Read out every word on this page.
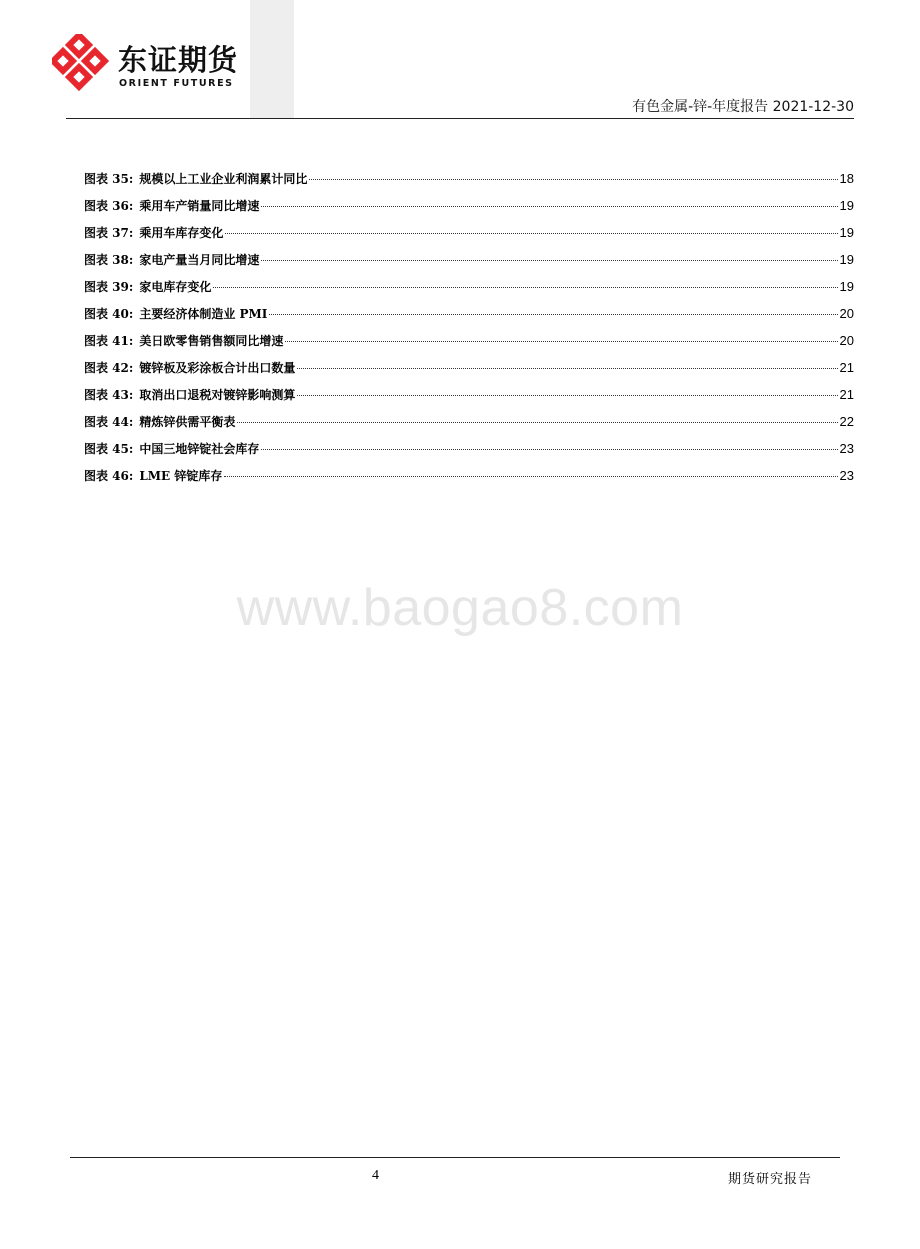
东证期货
ORIENT FUTURES
有色金属-锌-年度报告 2021-12-30
图表 35: 规模以上工业企业利润累计同比	18
图表 36: 乘用车产销量同比增速	19
图表 37: 乘用车库存变化	19
图表 38: 家电产量当月同比增速	19
图表 39: 家电库存变化	19
图表 40: 主要经济体制造业 PMI	20
图表 41: 美日欧零售销售额同比增速	20
图表 42: 镀锌板及彩涂板合计出口数量	21
图表 43: 取消出口退税对镀锌影响测算	21
图表 44: 精炼锌供需平衡表	22
图表 45: 中国三地锌锭社会库存	23
图表 46: LME 锌锭库存	23
www.baogao8.com
4	期货研究报告
